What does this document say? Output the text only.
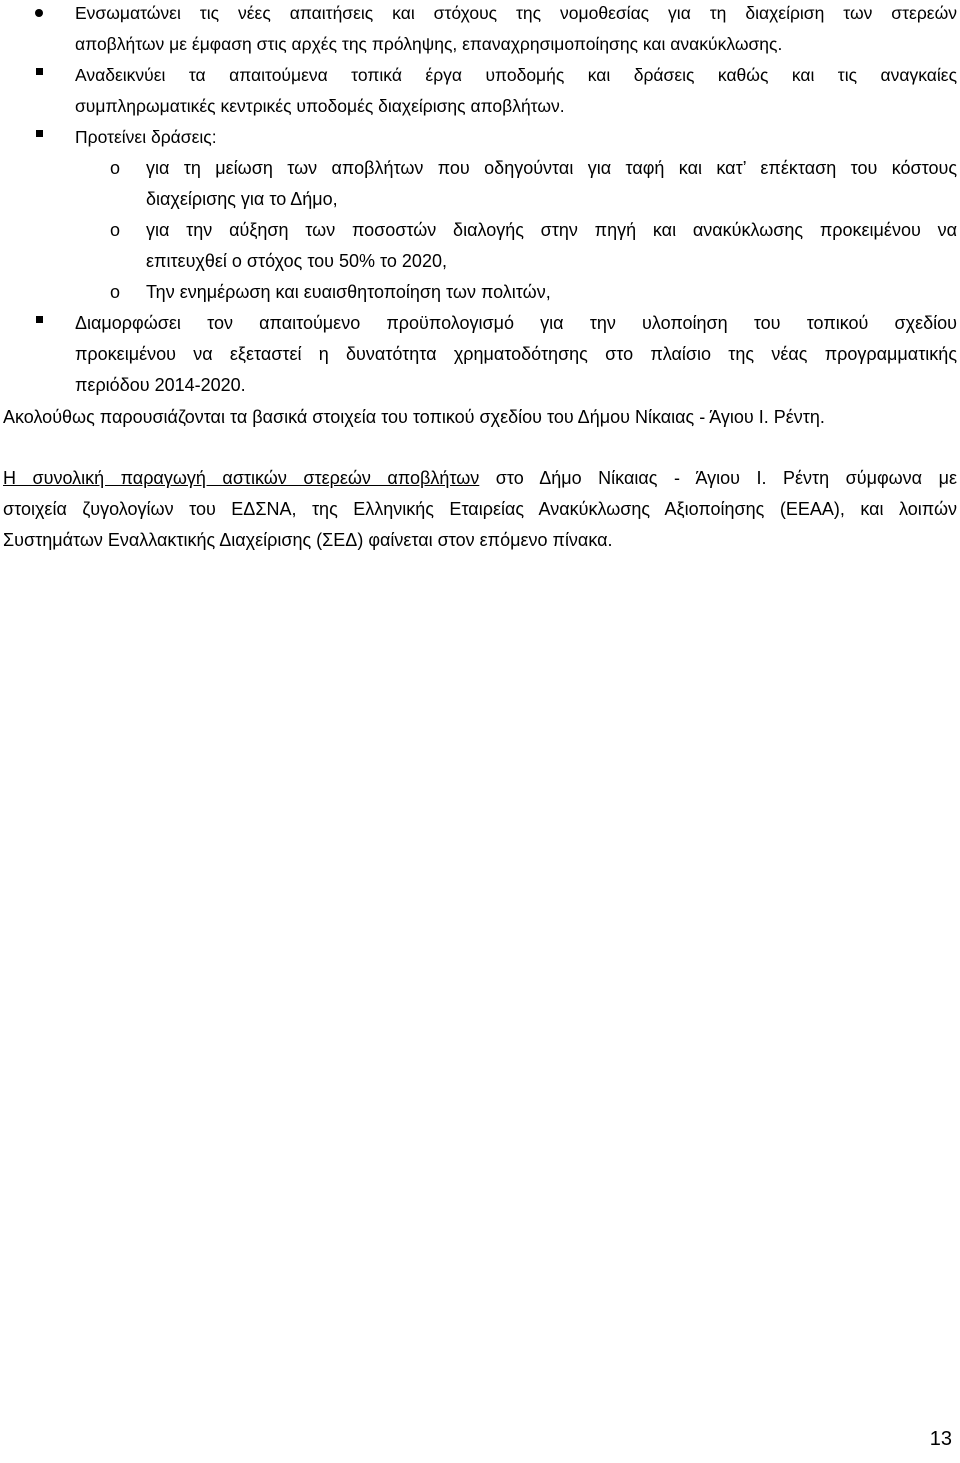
Ενσωματώνει τις νέες απαιτήσεις και στόχους της νομοθεσίας για τη διαχείριση των στερεών
αποβλήτων με έμφαση στις αρχές της πρόληψης, επαναχρησιμοποίησης και ανακύκλωσης.
Αναδεικνύει τα απαιτούμενα τοπικά έργα υποδομής και δράσεις καθώς και τις αναγκαίες
συμπληρωματικές κεντρικές υποδομές διαχείρισης αποβλήτων.
Προτείνει δράσεις:
o για τη μείωση των αποβλήτων που οδηγούνται για ταφή και κατ’ επέκταση του κόστους
διαχείρισης για το Δήμο,
o για την αύξηση των ποσοστών διαλογής στην πηγή και ανακύκλωσης προκειμένου να
επιτευχθεί ο στόχος του 50% το 2020,
o Την ενημέρωση και ευαισθητοποίηση των πολιτών,
Διαμορφώσει τον απαιτούμενο προϋπολογισμό για την υλοποίηση του τοπικού σχεδίου
προκειμένου να εξεταστεί η δυνατότητα χρηματοδότησης στο πλαίσιο της νέας προγραμματικής
περιόδου 2014-2020.
Ακολούθως παρουσιάζονται τα βασικά στοιχεία του τοπικού σχεδίου του Δήμου Νίκαιας - Άγιου Ι. Ρέντη.
Η συνολική παραγωγή αστικών στερεών αποβλήτων στο Δήμο Νίκαιας - Άγιου Ι. Ρέντη σύμφωνα με
στοιχεία ζυγολογίων του ΕΔΣΝΑ, της Ελληνικής Εταιρείας Ανακύκλωσης Αξιοποίησης (ΕΕΑΑ), και λοιπών
Συστημάτων Εναλλακτικής Διαχείρισης (ΣΕΔ) φαίνεται στον επόμενο πίνακα.
13
